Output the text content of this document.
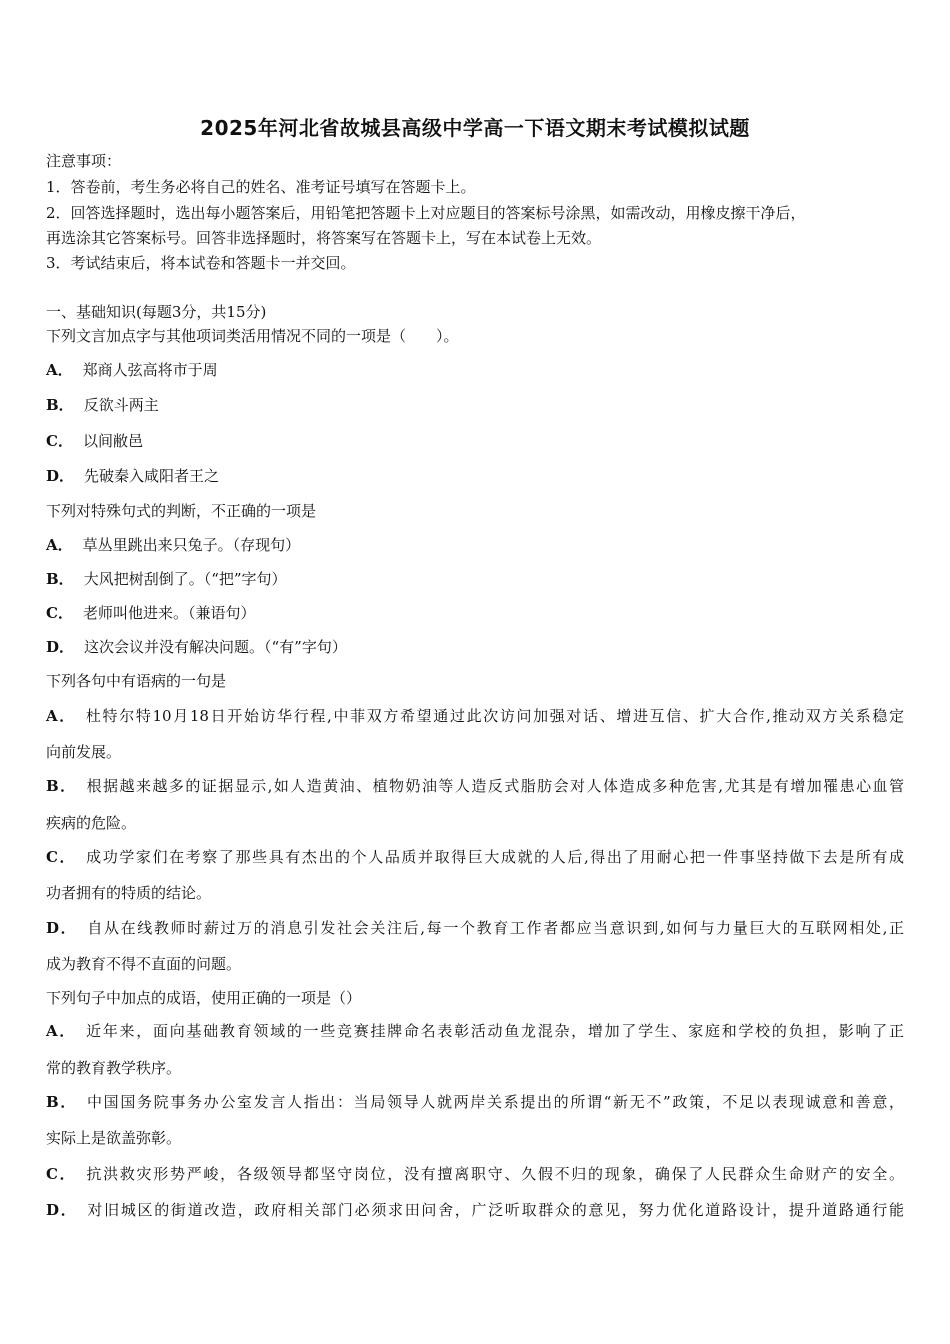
2025年河北省故城县高级中学高一下语文期末考试模拟试题
注意事项：
1．答卷前，考生务必将自己的姓名、准考证号填写在答题卡上。
2．回答选择题时，选出每小题答案后，用铅笔把答题卡上对应题目的答案标号涂黑，如需改动，用橡皮擦干净后，
再选涂其它答案标号。回答非选择题时，将答案写在答题卡上，写在本试卷上无效。
3．考试结束后，将本试卷和答题卡一并交回。
一、基础知识(每题3分，共15分)
下列文言加点字与其他项词类活用情况不同的一项是（　　）。
A． 郑商人弦高将市于周
B． 反欲斗两主
C． 以间敝邑
D． 先破秦入咸阳者王之
下列对特殊句式的判断，不正确的一项是
A． 草丛里跳出来只兔子。（存现句）
B． 大风把树刮倒了。（“把”字句）
C． 老师叫他进来。（兼语句）
D． 这次会议并没有解决问题。（“有”字句）
下列各句中有语病的一句是
A． 杜特尔特10月18日开始访华行程,中菲双方希望通过此次访问加强对话、增进互信、扩大合作,推动双方关系稳定
向前发展。
B． 根据越来越多的证据显示,如人造黄油、植物奶油等人造反式脂肪会对人体造成多种危害,尤其是有增加罹患心血管
疾病的危险。
C． 成功学家们在考察了那些具有杰出的个人品质并取得巨大成就的人后,得出了用耐心把一件事坚持做下去是所有成
功者拥有的特质的结论。
D． 自从在线教师时薪过万的消息引发社会关注后,每一个教育工作者都应当意识到,如何与力量巨大的互联网相处,正
成为教育不得不直面的问题。
下列句子中加点的成语，使用正确的一项是（）
A． 近年来，面向基础教育领域的一些竞赛挂牌命名表彰活动鱼龙混杂，增加了学生、家庭和学校的负担，影响了正
常的教育教学秩序。
B． 中国国务院事务办公室发言人指出：当局领导人就两岸关系提出的所谓“新无不”政策，不足以表现诚意和善意，
实际上是欲盖弥彰。
C． 抗洪救灾形势严峻，各级领导都坚守岗位，没有擅离职守、久假不归的现象，确保了人民群众生命财产的安全。
D． 对旧城区的街道改造，政府相关部门必须求田问舍，广泛听取群众的意见，努力优化道路设计，提升道路通行能
